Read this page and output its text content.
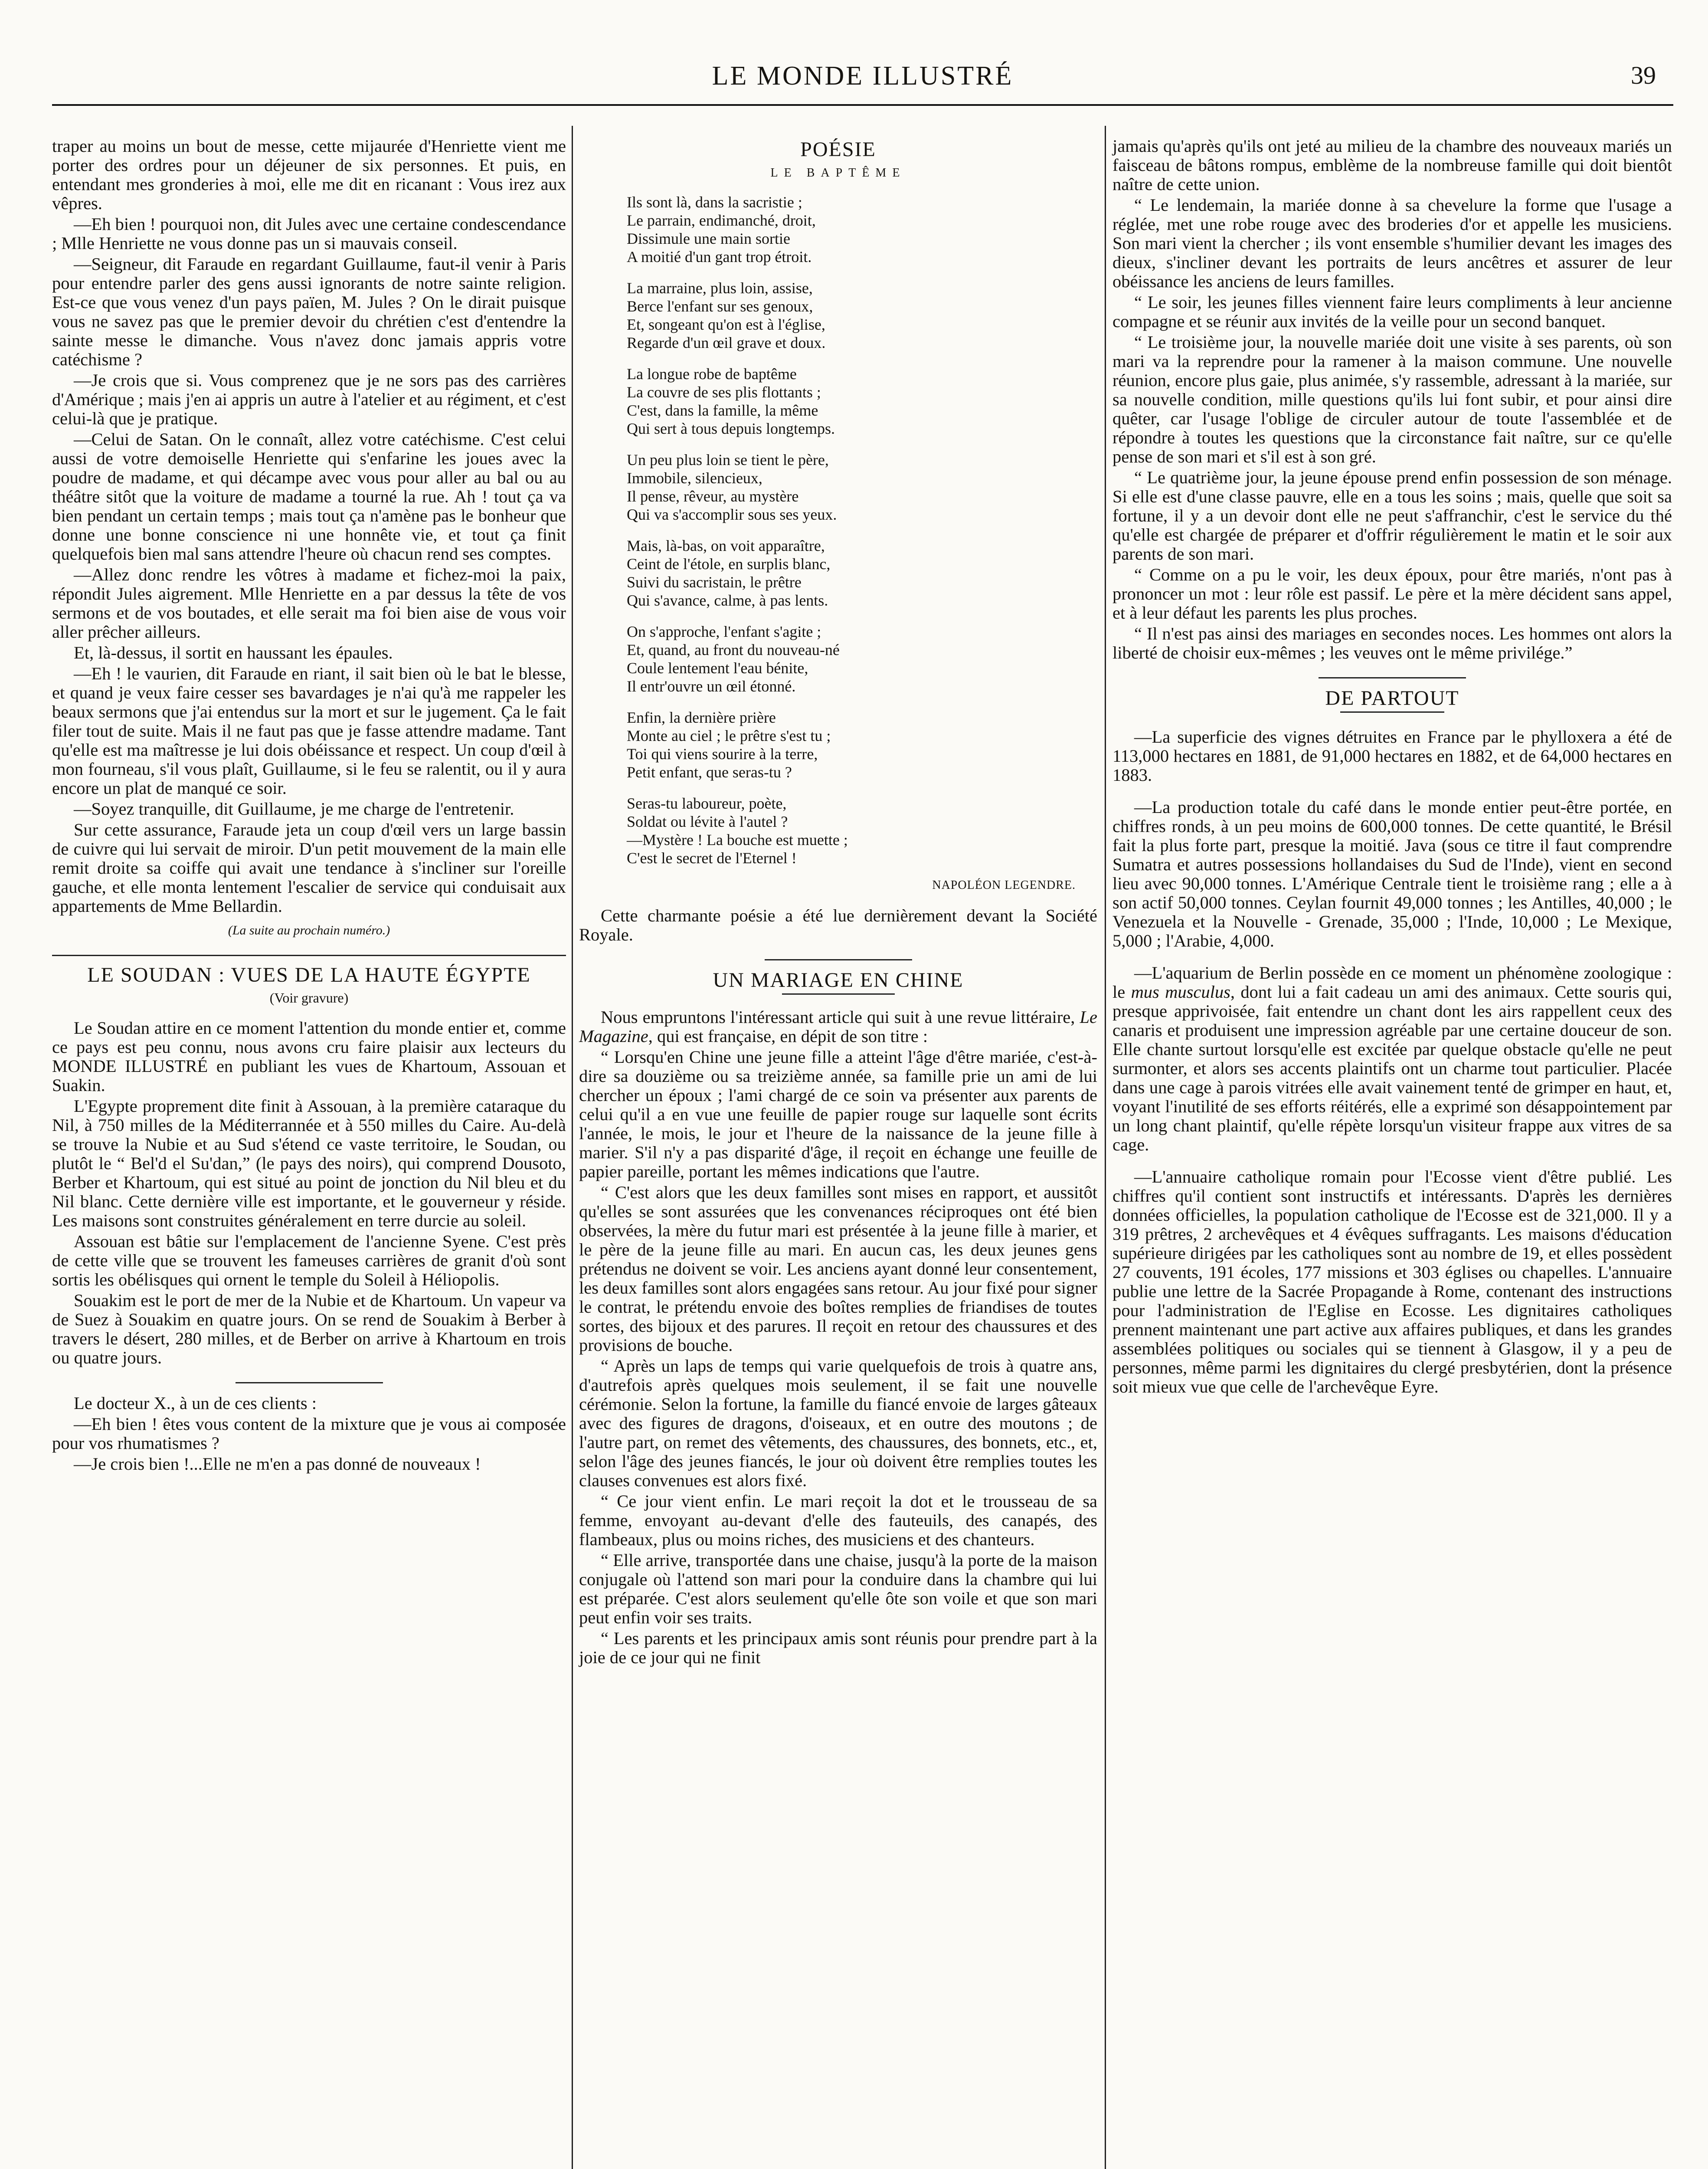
LE MONDE ILLUSTRÉ	39

traper au moins un bout de messe, cette mijaurée d'Henriette vient me porter des ordres pour un déjeuner de six personnes. Et puis, en entendant mes gronderies à moi, elle me dit en ricanant : Vous irez aux vêpres.

—Eh bien ! pourquoi non, dit Jules avec une certaine condescendance ; Mlle Henriette ne vous donne pas un si mauvais conseil.

—Seigneur, dit Faraude en regardant Guillaume, faut-il venir à Paris pour entendre parler des gens aussi ignorants de notre sainte religion. Est-ce que vous venez d'un pays païen, M. Jules ? On le dirait puisque vous ne savez pas que le premier devoir du chrétien c'est d'entendre la sainte messe le dimanche. Vous n'avez donc jamais appris votre catéchisme ?

—Je crois que si. Vous comprenez que je ne sors pas des carrières d'Amérique ; mais j'en ai appris un autre à l'atelier et au régiment, et c'est celui-là que je pratique.

—Celui de Satan. On le connaît, allez votre catéchisme. C'est celui aussi de votre demoiselle Henriette qui s'enfarine les joues avec la poudre de madame, et qui décampe avec vous pour aller au bal ou au théâtre sitôt que la voiture de madame a tourné la rue. Ah ! tout ça va bien pendant un certain temps ; mais tout ça n'amène pas le bonheur que donne une bonne conscience ni une honnête vie, et tout ça finit quelquefois bien mal sans attendre l'heure où chacun rend ses comptes.

—Allez donc rendre les vôtres à madame et fichez-moi la paix, répondit Jules aigrement. Mlle Henriette en a par dessus la tête de vos sermons et de vos boutades, et elle serait ma foi bien aise de vous voir aller prêcher ailleurs.

Et, là-dessus, il sortit en haussant les épaules.

—Eh ! le vaurien, dit Faraude en riant, il sait bien où le bat le blesse, et quand je veux faire cesser ses bavardages je n'ai qu'à me rappeler les beaux sermons que j'ai entendus sur la mort et sur le jugement. Ça le fait filer tout de suite. Mais il ne faut pas que je fasse attendre madame. Tant qu'elle est ma maîtresse je lui dois obéissance et respect. Un coup d'œil à mon fourneau, s'il vous plaît, Guillaume, si le feu se ralentit, ou il y aura encore un plat de manqué ce soir.

—Soyez tranquille, dit Guillaume, je me charge de l'entretenir.

Sur cette assurance, Faraude jeta un coup d'œil vers un large bassin de cuivre qui lui servait de miroir. D'un petit mouvement de la main elle remit droite sa coiffe qui avait une tendance à s'incliner sur l'oreille gauche, et elle monta lentement l'escalier de service qui conduisait aux appartements de Mme Bellardin.

(La suite au prochain numéro.)

LE SOUDAN : VUES DE LA HAUTE ÉGYPTE
(Voir gravure)

Le Soudan attire en ce moment l'attention du monde entier et, comme ce pays est peu connu, nous avons cru faire plaisir aux lecteurs du MONDE ILLUSTRÉ en publiant les vues de Khartoum, Assouan et Suakin.

L'Egypte proprement dite finit à Assouan, à la première cataraque du Nil, à 750 milles de la Méditerrannée et à 550 milles du Caire. Au-delà se trouve la Nubie et au Sud s'étend ce vaste territoire, le Soudan, ou plutôt le “ Bel'd el Su'dan,” (le pays des noirs), qui comprend Dousoto, Berber et Khartoum, qui est situé au point de jonction du Nil bleu et du Nil blanc. Cette dernière ville est importante, et le gouverneur y réside. Les maisons sont construites généralement en terre durcie au soleil.

Assouan est bâtie sur l'emplacement de l'ancienne Syene. C'est près de cette ville que se trouvent les fameuses carrières de granit d'où sont sortis les obélisques qui ornent le temple du Soleil à Héliopolis.

Souakim est le port de mer de la Nubie et de Khartoum. Un vapeur va de Suez à Souakim en quatre jours. On se rend de Souakim à Berber à travers le désert, 280 milles, et de Berber on arrive à Khartoum en trois ou quatre jours.

Le docteur X., à un de ces clients :

—Eh bien ! êtes vous content de la mixture que je vous ai composée pour vos rhumatismes ?

—Je crois bien !...Elle ne m'en a pas donné de nouveaux !

POÉSIE
LE BAPTÊME
Ils sont là, dans la sacristie ;
Le parrain, endimanché, droit,
Dissimule une main sortie
A moitié d'un gant trop étroit.
La marraine, plus loin, assise,
Berce l'enfant sur ses genoux,
Et, songeant qu'on est à l'église,
Regarde d'un œil grave et doux.
La longue robe de baptême
La couvre de ses plis flottants ;
C'est, dans la famille, la même
Qui sert à tous depuis longtemps.
Un peu plus loin se tient le père,
Immobile, silencieux,
Il pense, rêveur, au mystère
Qui va s'accomplir sous ses yeux.
Mais, là-bas, on voit apparaître,
Ceint de l'étole, en surplis blanc,
Suivi du sacristain, le prêtre
Qui s'avance, calme, à pas lents.
On s'approche, l'enfant s'agite ;
Et, quand, au front du nouveau-né
Coule lentement l'eau bénite,
Il entr'ouvre un œil étonné.
Enfin, la dernière prière
Monte au ciel ; le prêtre s'est tu ;
Toi qui viens sourire à la terre,
Petit enfant, que seras-tu ?
Seras-tu laboureur, poète,
Soldat ou lévite à l'autel ?
—Mystère ! La bouche est muette ;
C'est le secret de l'Eternel !
NAPOLÉON LEGENDRE.

Cette charmante poésie a été lue dernièrement devant la Société Royale.

UN MARIAGE EN CHINE

Nous empruntons l'intéressant article qui suit à une revue littéraire, Le Magazine, qui est française, en dépit de son titre :

“ Lorsqu'en Chine une jeune fille a atteint l'âge d'être mariée, c'est-à-dire sa douzième ou sa treizième année, sa famille prie un ami de lui chercher un époux ; l'ami chargé de ce soin va présenter aux parents de celui qu'il a en vue une feuille de papier rouge sur laquelle sont écrits l'année, le mois, le jour et l'heure de la naissance de la jeune fille à marier. S'il n'y a pas disparité d'âge, il reçoit en échange une feuille de papier pareille, portant les mêmes indications que l'autre.

“ C'est alors que les deux familles sont mises en rapport, et aussitôt qu'elles se sont assurées que les convenances réciproques ont été bien observées, la mère du futur mari est présentée à la jeune fille à marier, et le père de la jeune fille au mari. En aucun cas, les deux jeunes gens prétendus ne doivent se voir. Les anciens ayant donné leur consentement, les deux familles sont alors engagées sans retour. Au jour fixé pour signer le contrat, le prétendu envoie des boîtes remplies de friandises de toutes sortes, des bijoux et des parures. Il reçoit en retour des chaussures et des provisions de bouche.

“ Après un laps de temps qui varie quelquefois de trois à quatre ans, d'autrefois après quelques mois seulement, il se fait une nouvelle cérémonie. Selon la fortune, la famille du fiancé envoie de larges gâteaux avec des figures de dragons, d'oiseaux, et en outre des moutons ; de l'autre part, on remet des vêtements, des chaussures, des bonnets, etc., et, selon l'âge des jeunes fiancés, le jour où doivent être remplies toutes les clauses convenues est alors fixé.

“ Ce jour vient enfin. Le mari reçoit la dot et le trousseau de sa femme, envoyant au-devant d'elle des fauteuils, des canapés, des flambeaux, plus ou moins riches, des musiciens et des chanteurs.

“ Elle arrive, transportée dans une chaise, jusqu'à la porte de la maison conjugale où l'attend son mari pour la conduire dans la chambre qui lui est préparée. C'est alors seulement qu'elle ôte son voile et que son mari peut enfin voir ses traits.

“ Les parents et les principaux amis sont réunis pour prendre part à la joie de ce jour qui ne finit

jamais qu'après qu'ils ont jeté au milieu de la chambre des nouveaux mariés un faisceau de bâtons rompus, emblème de la nombreuse famille qui doit bientôt naître de cette union.

“ Le lendemain, la mariée donne à sa chevelure la forme que l'usage a réglée, met une robe rouge avec des broderies d'or et appelle les musiciens. Son mari vient la chercher ; ils vont ensemble s'humilier devant les images des dieux, s'incliner devant les portraits de leurs ancêtres et assurer de leur obéissance les anciens de leurs familles.

“ Le soir, les jeunes filles viennent faire leurs compliments à leur ancienne compagne et se réunir aux invités de la veille pour un second banquet.

“ Le troisième jour, la nouvelle mariée doit une visite à ses parents, où son mari va la reprendre pour la ramener à la maison commune. Une nouvelle réunion, encore plus gaie, plus animée, s'y rassemble, adressant à la mariée, sur sa nouvelle condition, mille questions qu'ils lui font subir, et pour ainsi dire quêter, car l'usage l'oblige de circuler autour de toute l'assemblée et de répondre à toutes les questions que la circonstance fait naître, sur ce qu'elle pense de son mari et s'il est à son gré.

“ Le quatrième jour, la jeune épouse prend enfin possession de son ménage. Si elle est d'une classe pauvre, elle en a tous les soins ; mais, quelle que soit sa fortune, il y a un devoir dont elle ne peut s'affranchir, c'est le service du thé qu'elle est chargée de préparer et d'offrir régulièrement le matin et le soir aux parents de son mari.

“ Comme on a pu le voir, les deux époux, pour être mariés, n'ont pas à prononcer un mot : leur rôle est passif. Le père et la mère décident sans appel, et à leur défaut les parents les plus proches.

“ Il n'est pas ainsi des mariages en secondes noces. Les hommes ont alors la liberté de choisir eux-mêmes ; les veuves ont le même privilége.”

DE PARTOUT

—La superficie des vignes détruites en France par le phylloxera a été de 113,000 hectares en 1881, de 91,000 hectares en 1882, et de 64,000 hectares en 1883.

—La production totale du café dans le monde entier peut-être portée, en chiffres ronds, à un peu moins de 600,000 tonnes. De cette quantité, le Brésil fait la plus forte part, presque la moitié. Java (sous ce titre il faut comprendre Sumatra et autres possessions hollandaises du Sud de l'Inde), vient en second lieu avec 90,000 tonnes. L'Amérique Centrale tient le troisième rang ; elle a à son actif 50,000 tonnes. Ceylan fournit 49,000 tonnes ; les Antilles, 40,000 ; le Venezuela et la Nouvelle - Grenade, 35,000 ; l'Inde, 10,000 ; Le Mexique, 5,000 ; l'Arabie, 4,000.

—L'aquarium de Berlin possède en ce moment un phénomène zoologique : le mus musculus, dont lui a fait cadeau un ami des animaux. Cette souris qui, presque apprivoisée, fait entendre un chant dont les airs rappellent ceux des canaris et produisent une impression agréable par une certaine douceur de son. Elle chante surtout lorsqu'elle est excitée par quelque obstacle qu'elle ne peut surmonter, et alors ses accents plaintifs ont un charme tout particulier. Placée dans une cage à parois vitrées elle avait vainement tenté de grimper en haut, et, voyant l'inutilité de ses efforts réitérés, elle a exprimé son désappointement par un long chant plaintif, qu'elle répète lorsqu'un visiteur frappe aux vitres de sa cage.

—L'annuaire catholique romain pour l'Ecosse vient d'être publié. Les chiffres qu'il contient sont instructifs et intéressants. D'après les dernières données officielles, la population catholique de l'Ecosse est de 321,000. Il y a 319 prêtres, 2 archevêques et 4 évêques suffragants. Les maisons d'éducation supérieure dirigées par les catholiques sont au nombre de 19, et elles possèdent 27 couvents, 191 écoles, 177 missions et 303 églises ou chapelles. L'annuaire publie une lettre de la Sacrée Propagande à Rome, contenant des instructions pour l'administration de l'Eglise en Ecosse. Les dignitaires catholiques prennent maintenant une part active aux affaires publiques, et dans les grandes assemblées politiques ou sociales qui se tiennent à Glasgow, il y a peu de personnes, même parmi les dignitaires du clergé presbytérien, dont la présence soit mieux vue que celle de l'archevêque Eyre.
